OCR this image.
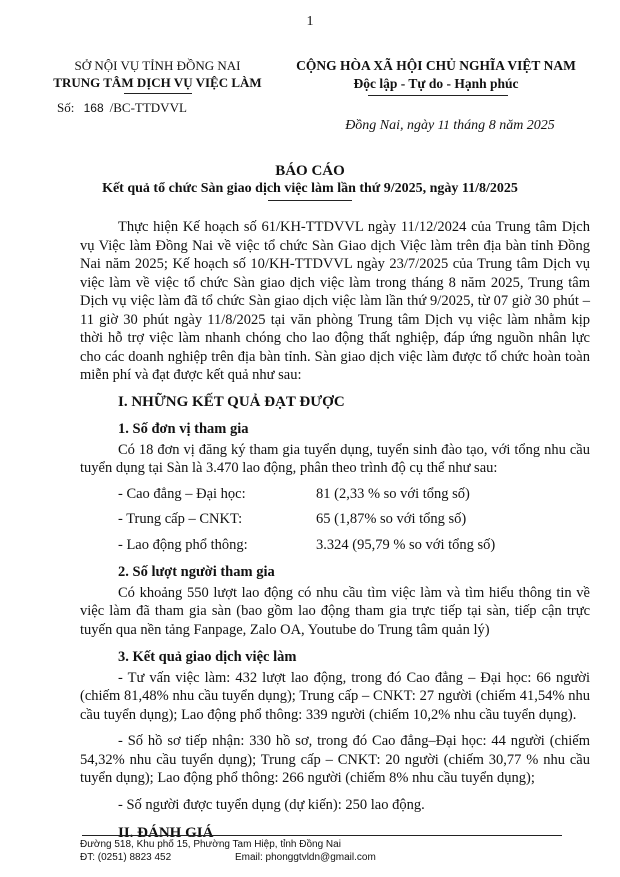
1
SỞ NỘI VỤ TỈNH ĐỒNG NAI
TRUNG TÂM DỊCH VỤ VIỆC LÀM
Số: 168 /BC-TTDVVL
CỘNG HÒA XÃ HỘI CHỦ NGHĨA VIỆT NAM
Độc lập - Tự do - Hạnh phúc
Đồng Nai, ngày 11 tháng 8 năm 2025
BÁO CÁO
Kết quả tổ chức Sàn giao dịch việc làm lần thứ 9/2025, ngày 11/8/2025

Thực hiện Kế hoạch số 61/KH-TTDVVL ngày 11/12/2024 của Trung tâm Dịch vụ Việc làm Đồng Nai về việc tổ chức Sàn Giao dịch Việc làm trên địa bàn tỉnh Đồng Nai năm 2025; Kế hoạch số 10/KH-TTDVVL ngày 23/7/2025 của Trung tâm Dịch vụ việc làm về việc tổ chức Sàn giao dịch việc làm trong tháng 8 năm 2025, Trung tâm Dịch vụ việc làm đã tổ chức Sàn giao dịch việc làm lần thứ 9/2025, từ 07 giờ 30 phút – 11 giờ 30 phút ngày 11/8/2025 tại văn phòng Trung tâm Dịch vụ việc làm nhằm kịp thời hỗ trợ việc làm nhanh chóng cho lao động thất nghiệp, đáp ứng nguồn nhân lực cho các doanh nghiệp trên địa bàn tỉnh. Sàn giao dịch việc làm được tổ chức hoàn toàn miễn phí và đạt được kết quả như sau:

I. NHỮNG KẾT QUẢ ĐẠT ĐƯỢC

1. Số đơn vị tham gia

Có 18 đơn vị đăng ký tham gia tuyển dụng, tuyển sinh đào tạo, với tổng nhu cầu tuyển dụng tại Sàn là 3.470 lao động, phân theo trình độ cụ thể như sau:

- Cao đẳng – Đại học:	81 (2,33 % so với tổng số)
- Trung cấp – CNKT:	65 (1,87% so với tổng số)
- Lao động phổ thông:	3.324 (95,79 % so với tổng số)

2. Số lượt người tham gia

Có khoảng 550 lượt lao động có nhu cầu tìm việc làm và tìm hiểu thông tin về việc làm đã tham gia sàn (bao gồm lao động tham gia trực tiếp tại sàn, tiếp cận trực tuyến qua nền tảng Fanpage, Zalo OA, Youtube do Trung tâm quản lý)

3. Kết quả giao dịch việc làm

- Tư vấn việc làm: 432 lượt lao động, trong đó Cao đẳng – Đại học: 66 người (chiếm 81,48% nhu cầu tuyển dụng); Trung cấp – CNKT: 27 người (chiếm 41,54% nhu cầu tuyển dụng); Lao động phổ thông: 339 người (chiếm 10,2% nhu cầu tuyển dụng).

- Số hồ sơ tiếp nhận: 330 hồ sơ, trong đó Cao đẳng–Đại học: 44 người (chiếm 54,32% nhu cầu tuyển dụng); Trung cấp – CNKT: 20 người (chiếm 30,77 % nhu cầu tuyển dụng); Lao động phổ thông: 266 người (chiếm 8% nhu cầu tuyển dụng);

- Số người được tuyển dụng (dự kiến): 250 lao động.

II. ĐÁNH GIÁ

Đường 518, Khu phố 15, Phường Tam Hiệp, tỉnh Đồng Nai
ĐT: (0251) 8823 452	Email: phonggtvldn@gmail.com
